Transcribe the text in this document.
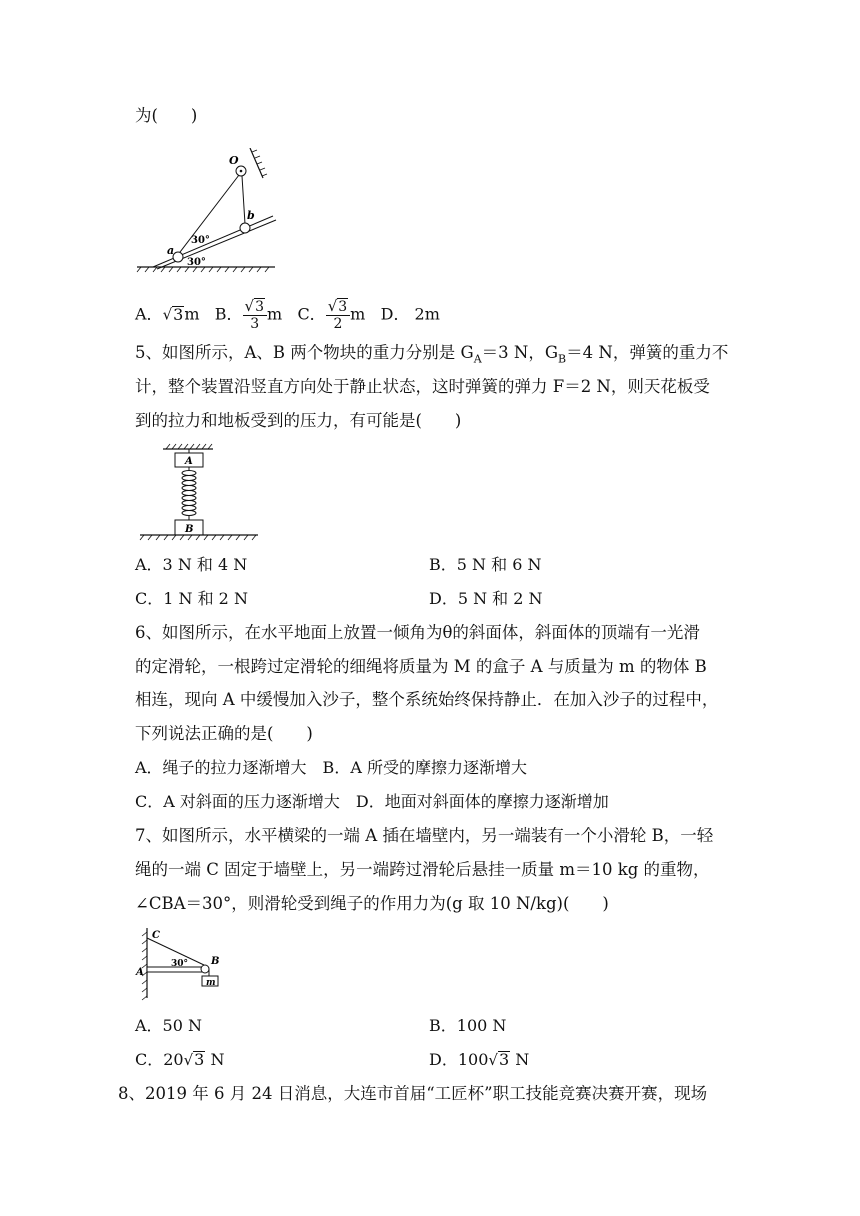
为(　　)
O
b
a
30°
30°
A．√3m B． $\frac{√3}{3}$ m C． $\frac{√3}{2}$ m D． 2m
5、如图所示，A、B 两个物块的重力分别是 $G_A=3$ N，$G_B=4$ N，弹簧的重力不
计，整个装置沿竖直方向处于静止状态，这时弹簧的弹力 F＝2 N，则天花板受
到的拉力和地板受到的压力，有可能是(　　)
A
B
A．3 N 和 4 N	B．5 N 和 6 N
C．1 N 和 2 N	D．5 N 和 2 N
6、如图所示，在水平地面上放置一倾角为θ的斜面体，斜面体的顶端有一光滑
的定滑轮，一根跨过定滑轮的细绳将质量为 M 的盒子 A 与质量为 m 的物体 B
相连，现向 A 中缓慢加入沙子，整个系统始终保持静止．在加入沙子的过程中，
下列说法正确的是(　　)
A．绳子的拉力逐渐增大　B．A 所受的摩擦力逐渐增大
C．A 对斜面的压力逐渐增大　D．地面对斜面体的摩擦力逐渐增加
7、如图所示，水平横梁的一端 A 插在墙壁内，另一端装有一个小滑轮 B，一轻
绳的一端 C 固定于墙壁上，另一端跨过滑轮后悬挂一质量 m＝10 kg 的重物，
∠CBA＝30°，则滑轮受到绳子的作用力为(g 取 10 N/kg)(　　)
C
A
B
m
30°
A．50 N	B．100 N
C．20√3 N	D．100√3 N
8、2019 年 6 月 24 日消息，大连市首届“工匠杯”职工技能竞赛决赛开赛，现场
